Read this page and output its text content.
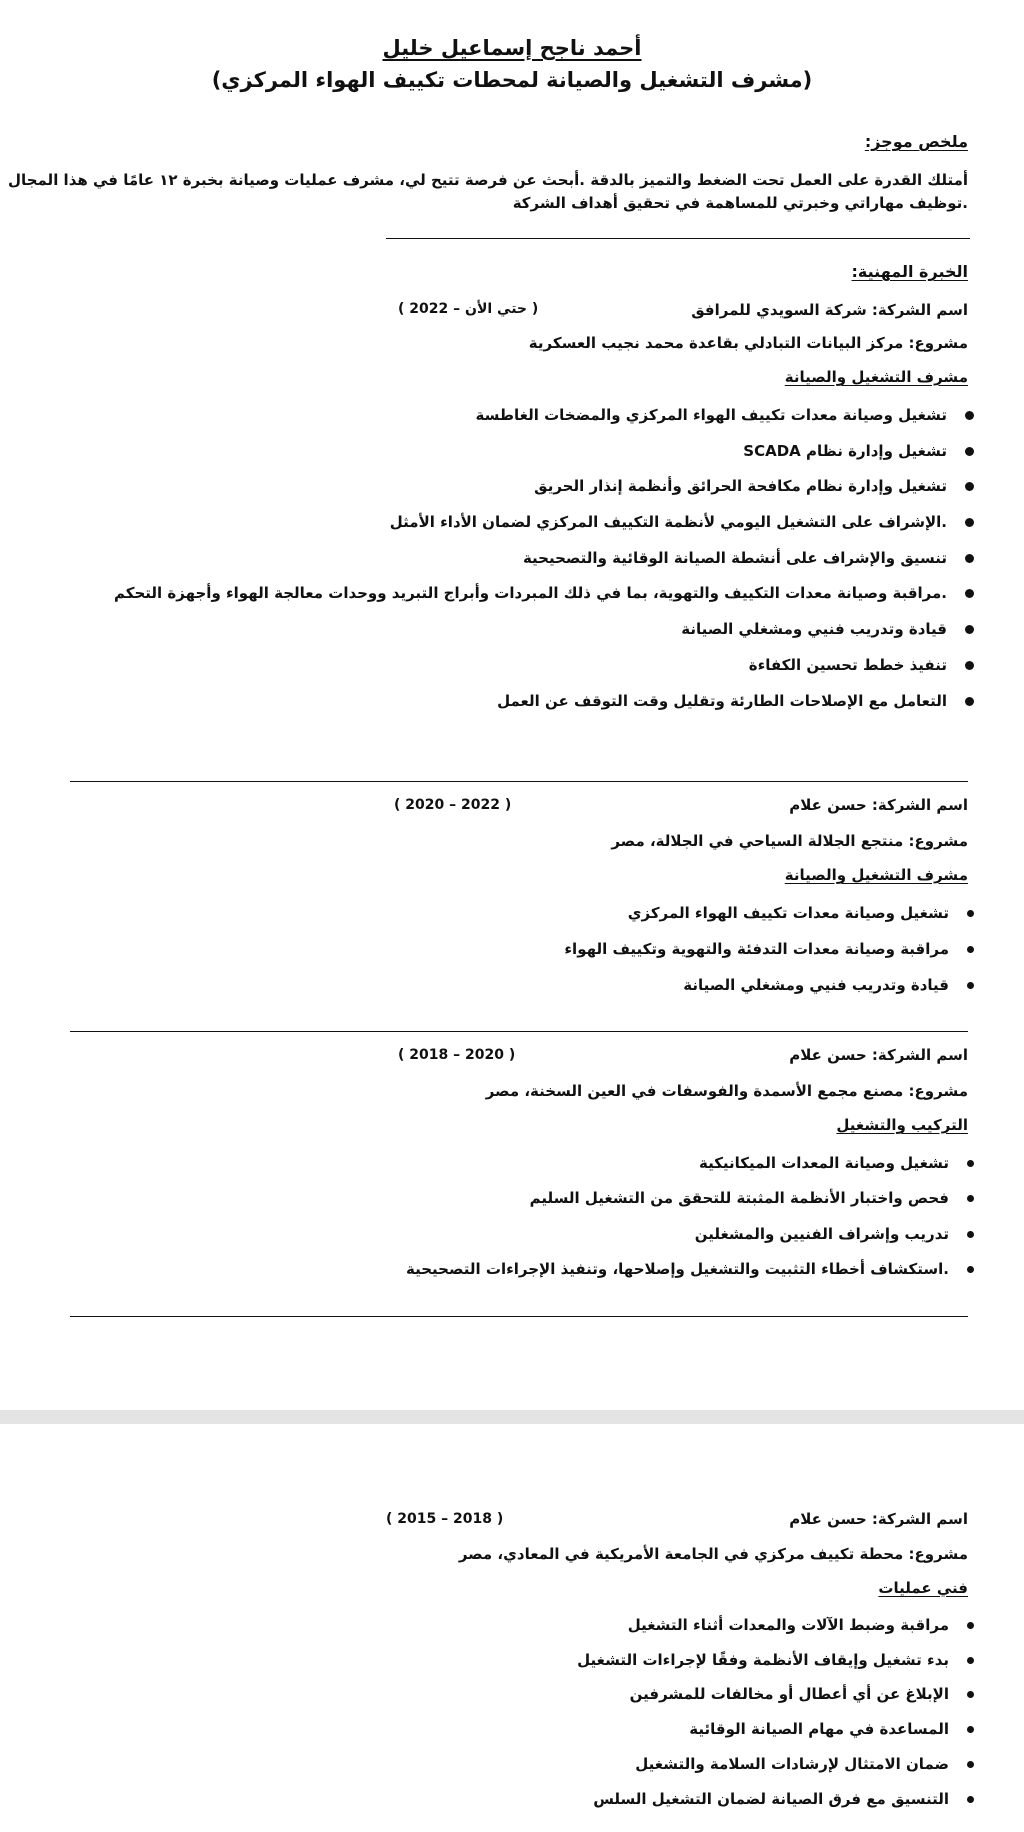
أحمد ناجح إسماعيل خليل
(مشرف التشغيل والصيانة لمحطات تكييف الهواء المركزي)
ملخص موجز:
أمتلك القدرة على العمل تحت الضغط والتميز بالدقة .أبحث عن فرصة تتيح لي، مشرف عمليات وصيانة بخبرة ١٢ عامًا في هذا المجال
.توظيف مهاراتي وخبرتي للمساهمة في تحقيق أهداف الشركة
الخبرة المهنية:
اسم الشركة: شركة السويدي للمرافق
( 2022 – حتي الأن )
مشروع: مركز البيانات التبادلي بقاعدة محمد نجيب العسكرية
مشرف التشغيل والصيانة
تشغيل وصيانة معدات تكييف الهواء المركزي والمضخات الغاطسة
تشغيل وإدارة نظام SCADA
تشغيل وإدارة نظام مكافحة الحرائق وأنظمة إنذار الحريق
.الإشراف على التشغيل اليومي لأنظمة التكييف المركزي لضمان الأداء الأمثل
تنسيق والإشراف على أنشطة الصيانة الوقائية والتصحيحية
.مراقبة وصيانة معدات التكييف والتهوية، بما في ذلك المبردات وأبراج التبريد ووحدات معالجة الهواء وأجهزة التحكم
قيادة وتدريب فنيي ومشغلي الصيانة
تنفيذ خطط تحسين الكفاءة
التعامل مع الإصلاحات الطارئة وتقليل وقت التوقف عن العمل
اسم الشركة: حسن علام
( 2020 – 2022 )
مشروع: منتجع الجلالة السياحي في الجلالة، مصر
مشرف التشغيل والصيانة
تشغيل وصيانة معدات تكييف الهواء المركزي
مراقبة وصيانة معدات التدفئة والتهوية وتكييف الهواء
قيادة وتدريب فنيي ومشغلي الصيانة
اسم الشركة: حسن علام
( 2018 – 2020 )
مشروع: مصنع مجمع الأسمدة والفوسفات في العين السخنة، مصر
التركيب والتشغيل
تشغيل وصيانة المعدات الميكانيكية
فحص واختبار الأنظمة المثبتة للتحقق من التشغيل السليم
تدريب وإشراف الفنيين والمشغلين
.استكشاف أخطاء التثبيت والتشغيل وإصلاحها، وتنفيذ الإجراءات التصحيحية
اسم الشركة: حسن علام
( 2015 – 2018 )
مشروع: محطة تكييف مركزي في الجامعة الأمريكية في المعادي، مصر
فني عمليات
مراقبة وضبط الآلات والمعدات أثناء التشغيل
بدء تشغيل وإيقاف الأنظمة وفقًا لإجراءات التشغيل
الإبلاغ عن أي أعطال أو مخالفات للمشرفين
المساعدة في مهام الصيانة الوقائية
ضمان الامتثال لإرشادات السلامة والتشغيل
التنسيق مع فرق الصيانة لضمان التشغيل السلس
